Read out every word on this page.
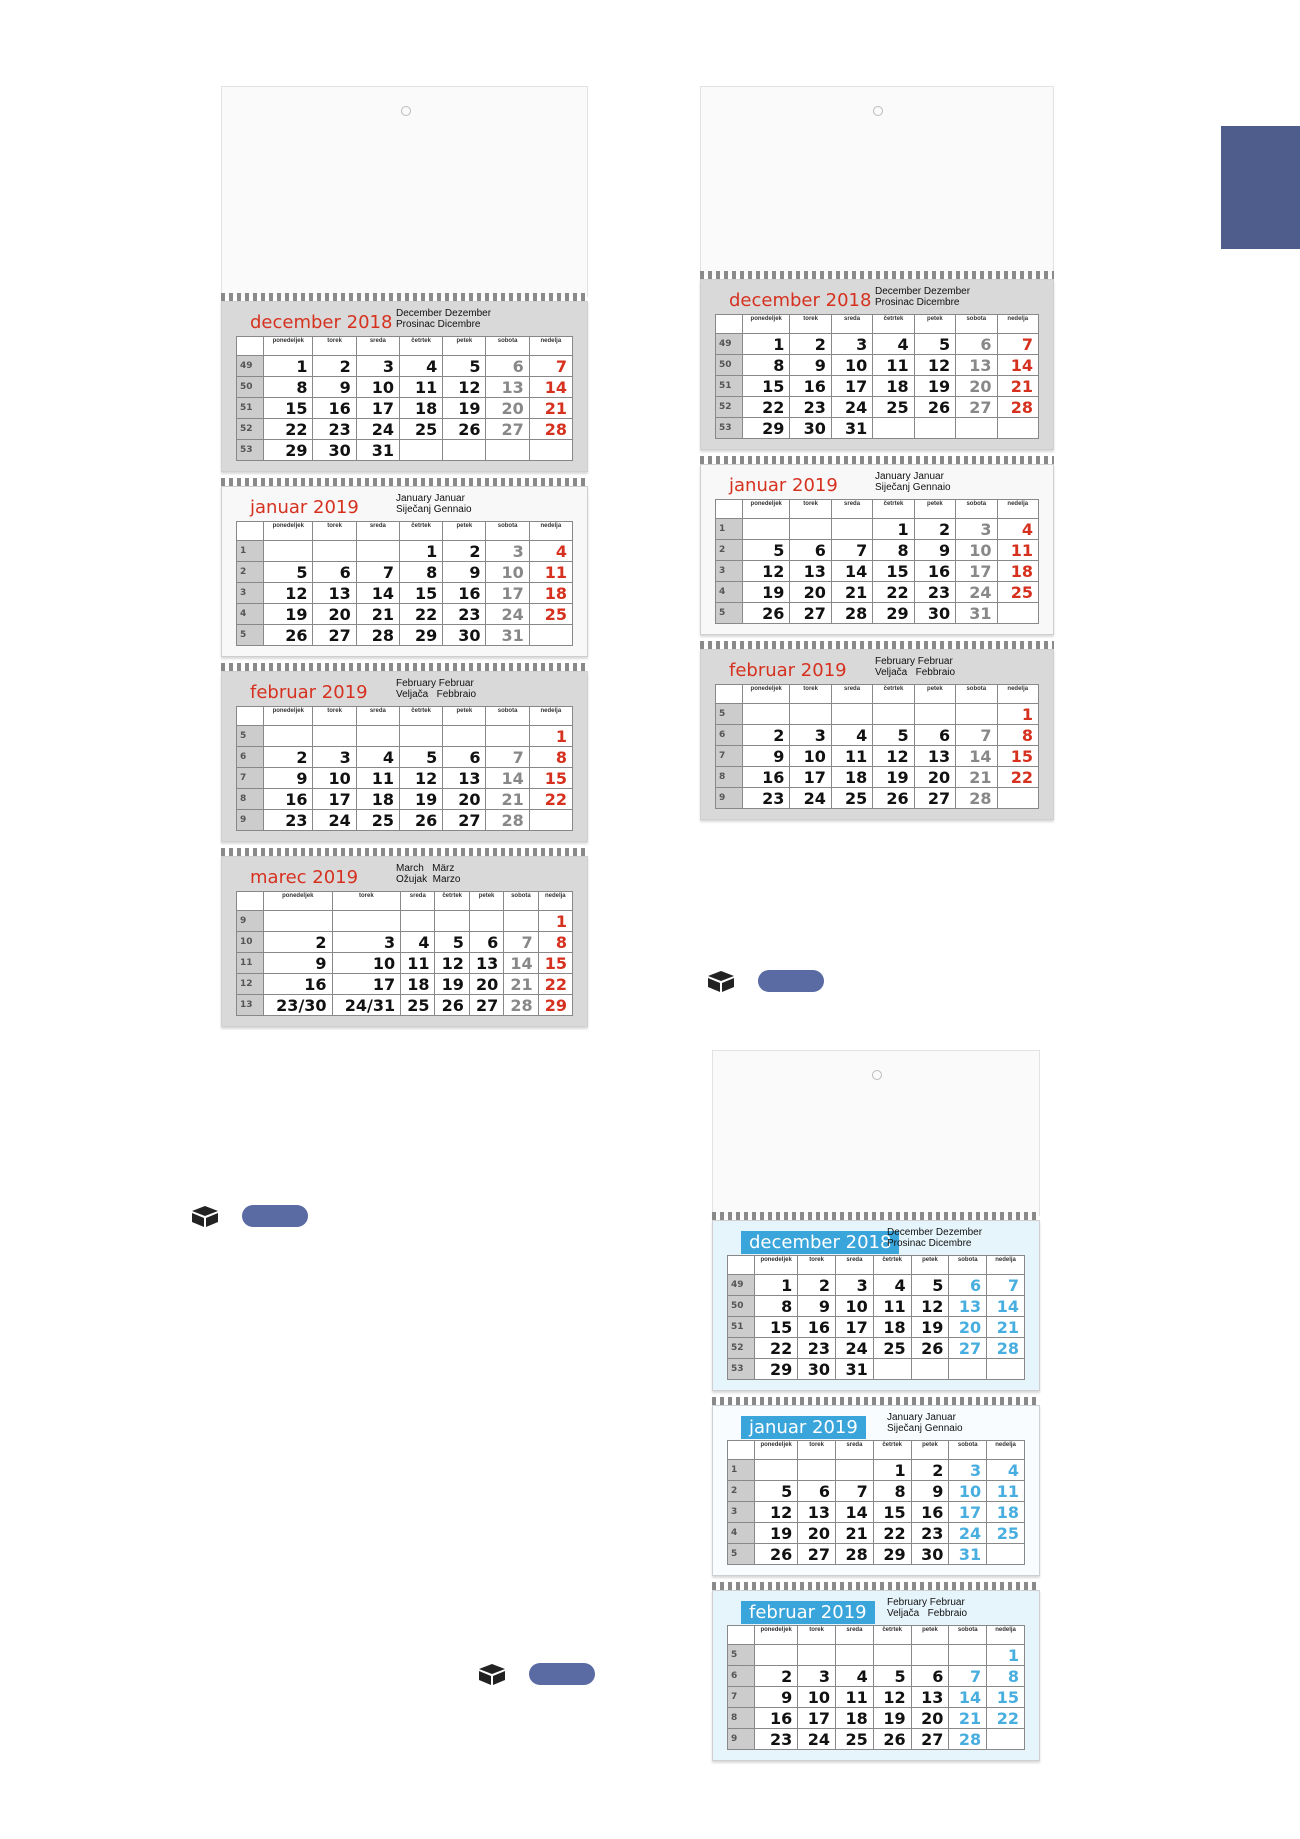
december 2018 December Dezember
Prosinac Dicembre
	ponedeljek	torek	sreda	četrtek	petek	sobota	nedelja
49	1	2	3	4	5	6	7
50	8	9	10	11	12	13	14
51	15	16	17	18	19	20	21
52	22	23	24	25	26	27	28
53	29	30	31				
januar 2019	January Januar
Siječanj Gennaio
	ponedeljek	torek	sreda	četrtek	petek	sobota	nedelja
1				1	2	3	4
2	5	6	7	8	9	10	11
3	12	13	14	15	16	17	18
4	19	20	21	22	23	24	25
5	26	27	28	29	30	31	
februar 2019	February Februar
Veljača   Febbraio
	ponedeljek	torek	sreda	četrtek	petek	sobota	nedelja
5							1
6	2	3	4	5	6	7	8
7	9	10	11	12	13	14	15
8	16	17	18	19	20	21	22
9	23	24	25	26	27	28	
marec 2019	March   März
Ožujak  Marzo
	ponedeljek	torek	sreda	četrtek	petek	sobota	nedelja
9							1
10	2	3	4	5	6	7	8
11	9	10	11	12	13	14	15
12	16	17	18	19	20	21	22
13	23/30	24/31	25	26	27	28	29
december 2018 December Dezember
Prosinac Dicembre
	ponedeljek	torek	sreda	četrtek	petek	sobota	nedelja
49	1	2	3	4	5	6	7
50	8	9	10	11	12	13	14
51	15	16	17	18	19	20	21
52	22	23	24	25	26	27	28
53	29	30	31				
januar 2019	January Januar
Siječanj Gennaio
	ponedeljek	torek	sreda	četrtek	petek	sobota	nedelja
1				1	2	3	4
2	5	6	7	8	9	10	11
3	12	13	14	15	16	17	18
4	19	20	21	22	23	24	25
5	26	27	28	29	30	31	
februar 2019	February Februar
Veljača   Febbraio
	ponedeljek	torek	sreda	četrtek	petek	sobota	nedelja
5							1
6	2	3	4	5	6	7	8
7	9	10	11	12	13	14	15
8	16	17	18	19	20	21	22
9	23	24	25	26	27	28	
december 2018
December Dezember
Prosinac Dicembre
	ponedeljek	torek	sreda	četrtek	petek	sobota	nedelja
49	1	2	3	4	5	6	7
50	8	9	10	11	12	13	14
51	15	16	17	18	19	20	21
52	22	23	24	25	26	27	28
53	29	30	31				
januar 2019	January Januar
Siječanj Gennaio
	ponedeljek	torek	sreda	četrtek	petek	sobota	nedelja
1				1	2	3	4
2	5	6	7	8	9	10	11
3	12	13	14	15	16	17	18
4	19	20	21	22	23	24	25
5	26	27	28	29	30	31	
februar 2019	February Februar
Veljača   Febbraio
	ponedeljek	torek	sreda	četrtek	petek	sobota	nedelja
5							1
6	2	3	4	5	6	7	8
7	9	10	11	12	13	14	15
8	16	17	18	19	20	21	22
9	23	24	25	26	27	28	
